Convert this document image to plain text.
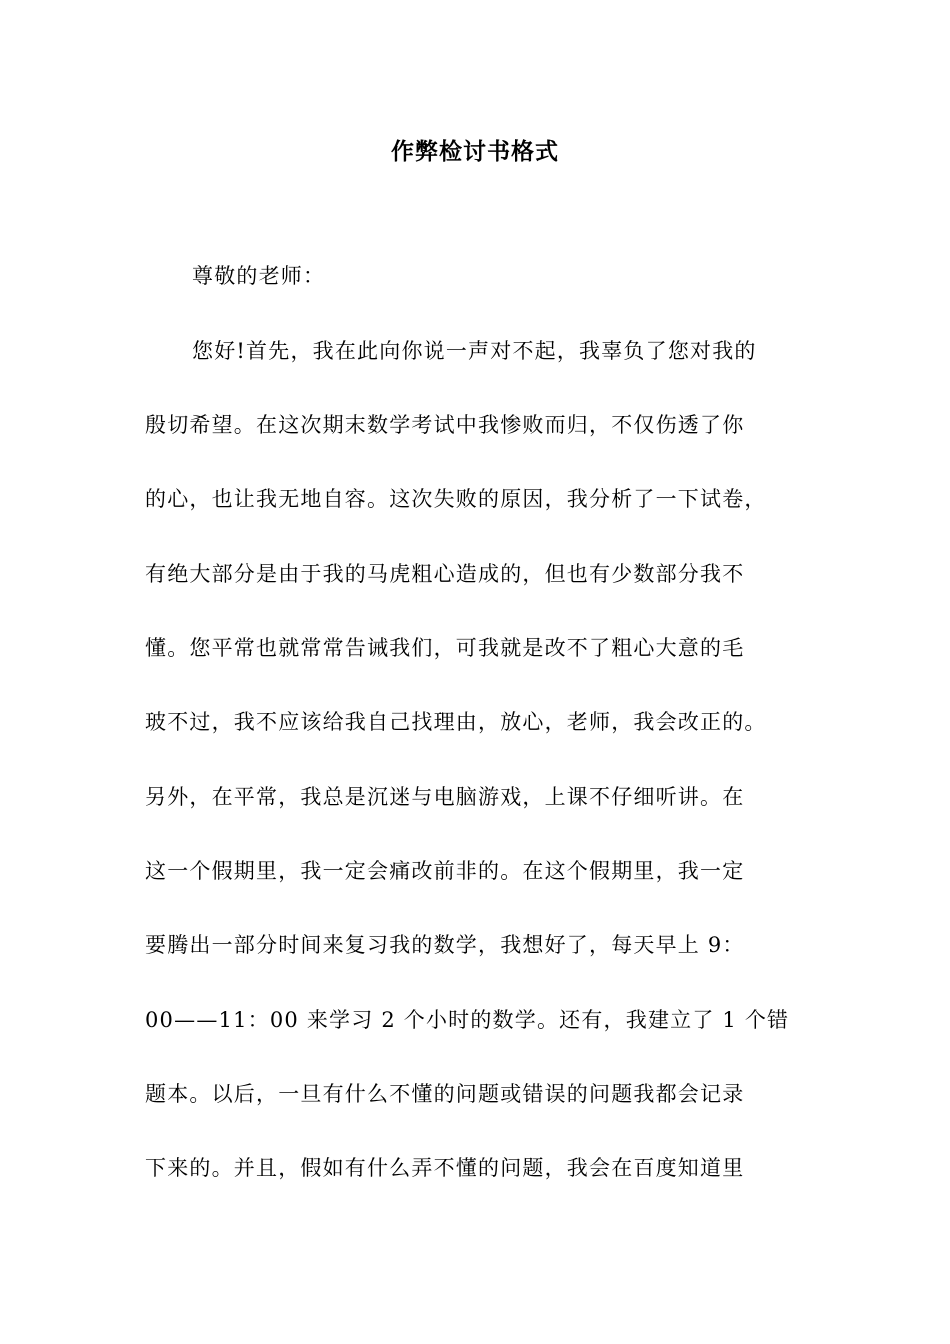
作弊检讨书格式
尊敬的老师：
您好!首先，我在此向你说一声对不起，我辜负了您对我的
殷切希望。在这次期末数学考试中我惨败而归，不仅伤透了你
的心，也让我无地自容。这次失败的原因，我分析了一下试卷，
有绝大部分是由于我的马虎粗心造成的，但也有少数部分我不
懂。您平常也就常常告诫我们，可我就是改不了粗心大意的毛
玻不过，我不应该给我自己找理由，放心，老师，我会改正的。
另外，在平常，我总是沉迷与电脑游戏，上课不仔细听讲。在
这一个假期里，我一定会痛改前非的。在这个假期里，我一定
要腾出一部分时间来复习我的数学，我想好了，每天早上 9：
00——11：00 来学习 2 个小时的数学。还有，我建立了 1 个错
题本。以后，一旦有什么不懂的问题或错误的问题我都会记录
下来的。并且，假如有什么弄不懂的问题，我会在百度知道里
